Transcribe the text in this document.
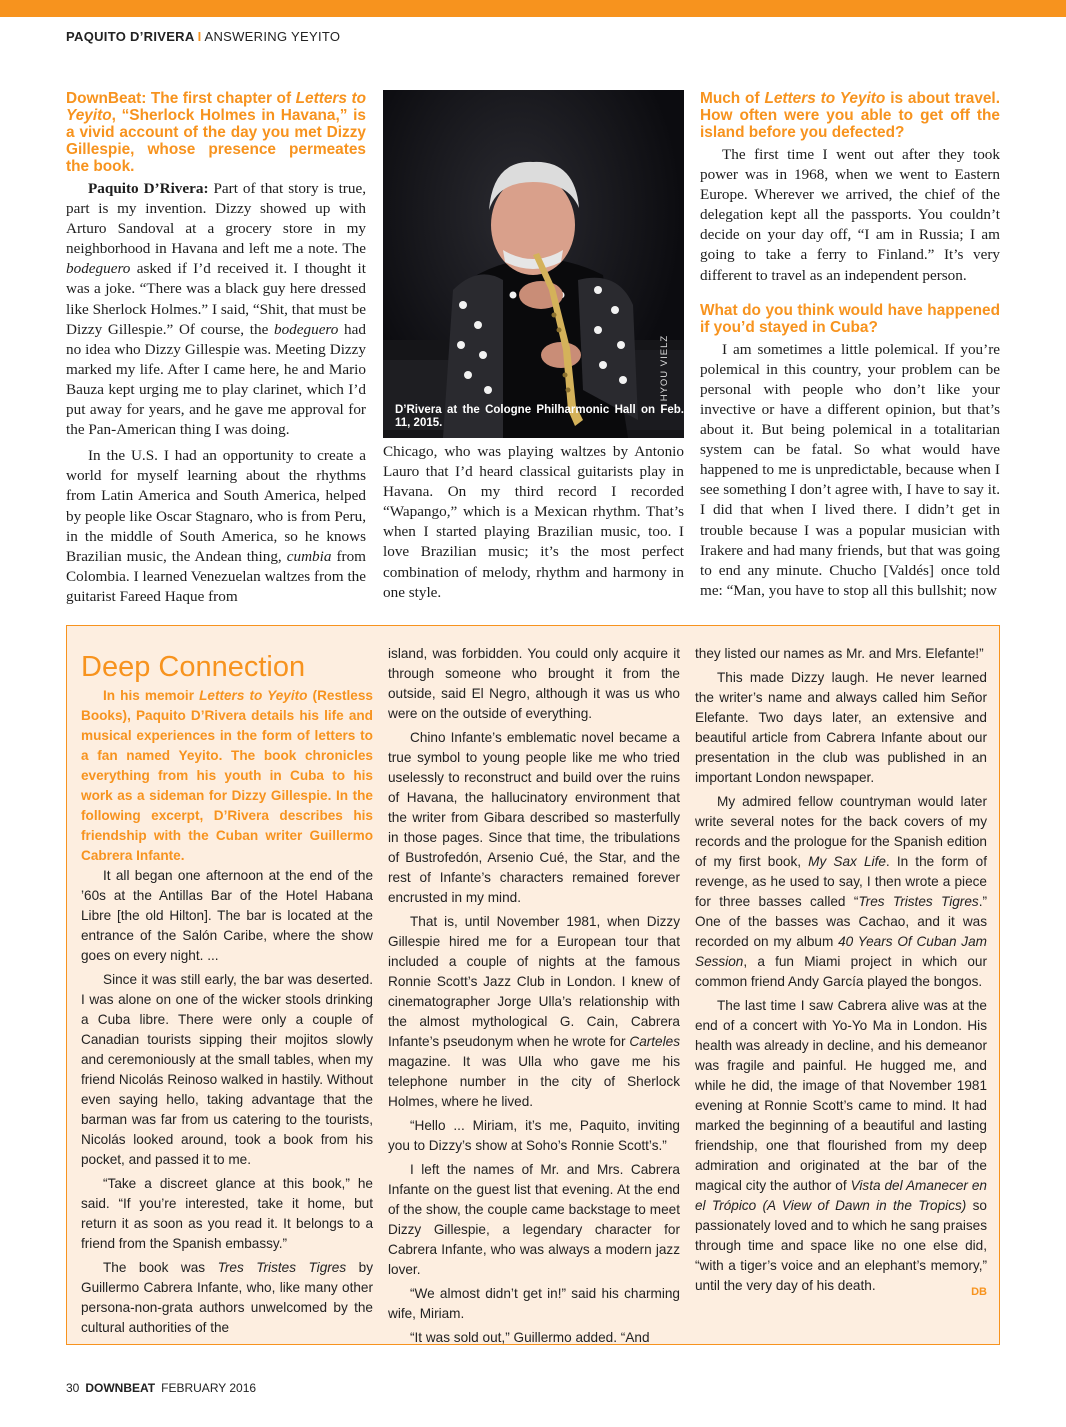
PAQUITO D’RIVERA I ANSWERING YEYITO
DownBeat: The first chapter of Letters to Yeyito, “Sherlock Holmes in Havana,” is a vivid account of the day you met Dizzy Gillespie, whose presence permeates the book.

Paquito D’Rivera: Part of that story is true, part is my invention. Dizzy showed up with Arturo Sandoval at a grocery store in my neighborhood in Havana and left me a note. The bodeguero asked if I’d received it. I thought it was a joke. “There was a black guy here dressed like Sherlock Holmes.” I said, “Shit, that must be Dizzy Gillespie.” Of course, the bodeguero had no idea who Dizzy Gillespie was. Meeting Dizzy marked my life. After I came here, he and Mario Bauza kept urging me to play clarinet, which I’d put away for years, and he gave me approval for the Pan-American thing I was doing.

In the U.S. I had an opportunity to create a world for myself learning about the rhythms from Latin America and South America, helped by people like Oscar Stagnaro, who is from Peru, in the middle of South America, so he knows Brazilian music, the Andean thing, cumbia from Colombia. I learned Venezuelan waltzes from the guitarist Fareed Haque from

D’Rivera at the Cologne Philharmonic Hall on Feb. 11, 2015.
HYOU VIELZ

Chicago, who was playing waltzes by Antonio Lauro that I’d heard classical guitarists play in Havana. On my third record I recorded “Wapango,” which is a Mexican rhythm. That’s when I started playing Brazilian music, too. I love Brazilian music; it’s the most perfect combination of melody, rhythm and harmony in one style.

Much of Letters to Yeyito is about travel. How often were you able to get off the island before you defected?

The first time I went out after they took power was in 1968, when we went to Eastern Europe. Wherever we arrived, the chief of the delegation kept all the passports. You couldn’t decide on your day off, “I am in Russia; I am going to take a ferry to Finland.” It’s very different to travel as an independent person.

What do you think would have happened if you’d stayed in Cuba?

I am sometimes a little polemical. If you’re polemical in this country, your problem can be personal with people who don’t like your invective or have a different opinion, but that’s about it. But being polemical in a totalitarian system can be fatal. So what would have happened to me is unpredictable, because when I see something I don’t agree with, I have to say it. I did that when I lived there. I didn’t get in trouble because I was a popular musician with Irakere and had many friends, but that was going to end any minute. Chucho [Valdés] once told me: “Man, you have to stop all this bullshit; now

Deep Connection

In his memoir Letters to Yeyito (Restless Books), Paquito D’Rivera details his life and musical experiences in the form of letters to a fan named Yeyito. The book chronicles everything from his youth in Cuba to his work as a sideman for Dizzy Gillespie. In the following excerpt, D’Rivera describes his friendship with the Cuban writer Guillermo Cabrera Infante.

It all began one afternoon at the end of the ’60s at the Antillas Bar of the Hotel Habana Libre [the old Hilton]. The bar is located at the entrance of the Salón Caribe, where the show goes on every night. ...

Since it was still early, the bar was deserted. I was alone on one of the wicker stools drinking a Cuba libre. There were only a couple of Canadian tourists sipping their mojitos slowly and ceremoniously at the small tables, when my friend Nicolás Reinoso walked in hastily. Without even saying hello, taking advantage that the barman was far from us catering to the tourists, Nicolás looked around, took a book from his pocket, and passed it to me.

“Take a discreet glance at this book,” he said. “If you’re interested, take it home, but return it as soon as you read it. It belongs to a friend from the Spanish embassy.”

The book was Tres Tristes Tigres by Guillermo Cabrera Infante, who, like many other persona-non-grata authors unwelcomed by the cultural authorities of the

island, was forbidden. You could only acquire it through someone who brought it from the outside, said El Negro, although it was us who were on the outside of everything.

Chino Infante’s emblematic novel became a true symbol to young people like me who tried uselessly to reconstruct and build over the ruins of Havana, the hallucinatory environment that the writer from Gibara described so masterfully in those pages. Since that time, the tribulations of Bustrofedón, Arsenio Cué, the Star, and the rest of Infante’s characters remained forever encrusted in my mind.

That is, until November 1981, when Dizzy Gillespie hired me for a European tour that included a couple of nights at the famous Ronnie Scott’s Jazz Club in London. I knew of cinematographer Jorge Ulla’s relationship with the almost mythological G. Cain, Cabrera Infante’s pseudonym when he wrote for Carteles magazine. It was Ulla who gave me his telephone number in the city of Sherlock Holmes, where he lived.

“Hello ... Miriam, it’s me, Paquito, inviting you to Dizzy’s show at Soho’s Ronnie Scott’s.”

I left the names of Mr. and Mrs. Cabrera Infante on the guest list that evening. At the end of the show, the couple came backstage to meet Dizzy Gillespie, a legendary character for Cabrera Infante, who was always a modern jazz lover.

“We almost didn’t get in!” said his charming wife, Miriam.

“It was sold out,” Guillermo added. “And

they listed our names as Mr. and Mrs. Elefante!”

This made Dizzy laugh. He never learned the writer’s name and always called him Señor Elefante. Two days later, an extensive and beautiful article from Cabrera Infante about our presentation in the club was published in an important London newspaper.

My admired fellow countryman would later write several notes for the back covers of my records and the prologue for the Spanish edition of my first book, My Sax Life. In the form of revenge, as he used to say, I then wrote a piece for three basses called “Tres Tristes Tigres.” One of the basses was Cachao, and it was recorded on my album 40 Years Of Cuban Jam Session, a fun Miami project in which our common friend Andy García played the bongos.

The last time I saw Cabrera alive was at the end of a concert with Yo-Yo Ma in London. His health was already in decline, and his demeanor was fragile and painful. He hugged me, and while he did, the image of that November 1981 evening at Ronnie Scott’s came to mind. It had marked the beginning of a beautiful and lasting friendship, one that flourished from my deep admiration and originated at the bar of the magical city the author of Vista del Amanecer en el Trópico (A View of Dawn in the Tropics) so passionately loved and to which he sang praises through time and space like no one else did, “with a tiger’s voice and an elephant’s memory,” until the very day of his death.	DB

30 DOWNBEAT FEBRUARY 2016
